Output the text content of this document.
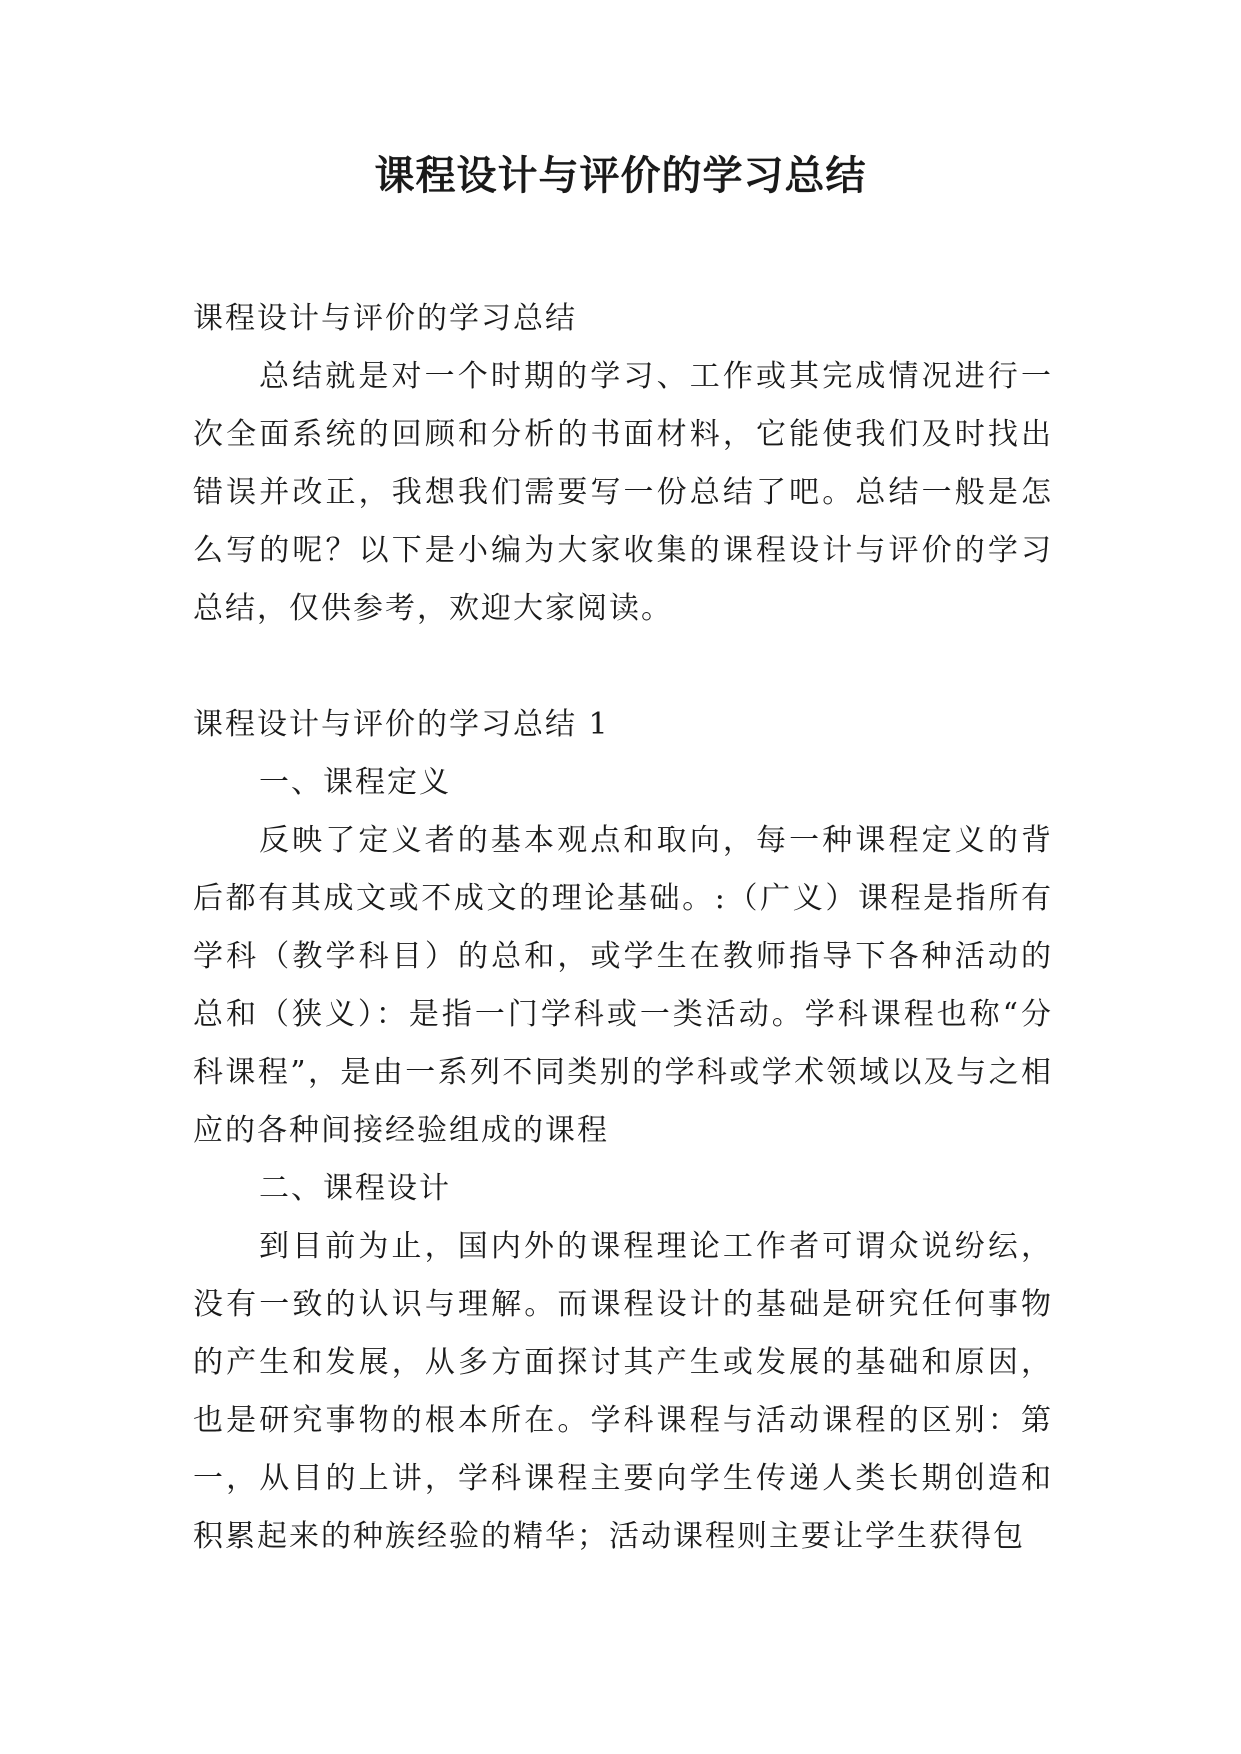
课程设计与评价的学习总结

课程设计与评价的学习总结

总结就是对一个时期的学习、工作或其完成情况进行一次全面系统的回顾和分析的书面材料，它能使我们及时找出错误并改正，我想我们需要写一份总结了吧。总结一般是怎么写的呢？以下是小编为大家收集的课程设计与评价的学习总结，仅供参考，欢迎大家阅读。

课程设计与评价的学习总结 1

一、课程定义

反映了定义者的基本观点和取向，每一种课程定义的背后都有其成文或不成文的理论基础。:（广义）课程是指所有学科（教学科目）的总和，或学生在教师指导下各种活动的总和（狭义）：是指一门学科或一类活动。学科课程也称“分科课程”，是由一系列不同类别的学科或学术领域以及与之相应的各种间接经验组成的课程

二、课程设计

到目前为止，国内外的课程理论工作者可谓众说纷纭，没有一致的认识与理解。而课程设计的基础是研究任何事物的产生和发展，从多方面探讨其产生或发展的基础和原因，也是研究事物的根本所在。学科课程与活动课程的区别：第一，从目的上讲，学科课程主要向学生传递人类长期创造和积累起来的种族经验的精华；活动课程则主要让学生获得包
